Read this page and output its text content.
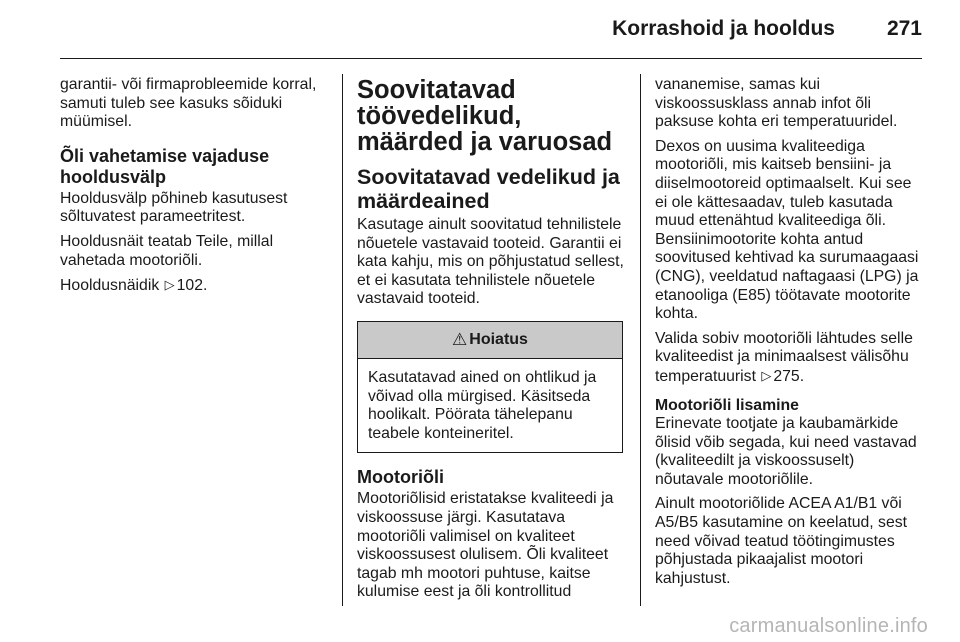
Korrashoid ja hooldus 271

garantii- või firmaprobleemide korral, samuti tuleb see kasuks sõiduki müümisel.

Õli vahetamise vajaduse hooldusvälp

Hooldusvälp põhineb kasutusest sõltuvatest parameetritest.

Hooldusnäit teatab Teile, millal vahetada mootoriõli.

Hooldusnäidik ▷ 102.

Soovitatavad töövedelikud, määrded ja varuosad
Soovitatavad vedelikud ja määrdeained

Kasutage ainult soovitatud tehnilistele nõuetele vastavaid tooteid. Garantii ei kata kahju, mis on põhjustatud sellest, et ei kasutata tehnilistele nõuetele vastavaid tooteid.

⚠ Hoiatus
Kasutatavad ained on ohtlikud ja võivad olla mürgised. Käsitseda hoolikalt. Pöörata tähelepanu teabele konteineritel.
Mootoriõli

Mootoriõlisid eristatakse kvaliteedi ja viskoossuse järgi. Kasutatava mootoriõli valimisel on kvaliteet viskoossusest olulisem. Õli kvaliteet tagab mh mootori puhtuse, kaitse kulumise eest ja õli kontrollitud

vananemise, samas kui viskoossusklass annab infot õli paksuse kohta eri temperatuuridel.

Dexos on uusima kvaliteediga mootoriõli, mis kaitseb bensiini- ja diiselmootoreid optimaalselt. Kui see ei ole kättesaadav, tuleb kasutada muud ettenähtud kvaliteediga õli. Bensiinimootorite kohta antud soovitused kehtivad ka surumaagaasi (CNG), veeldatud naftagaasi (LPG) ja etanooliga (E85) töötavate mootorite kohta.

Valida sobiv mootoriõli lähtudes selle kvaliteedist ja minimaalsest välisõhu temperatuurist ▷ 275.

Mootoriõli lisamine

Erinevate tootjate ja kaubamärkide õlisid võib segada, kui need vastavad (kvaliteedilt ja viskoossuselt) nõutavale mootoriõlile.

Ainult mootoriõlide ACEA A1/B1 või A5/B5 kasutamine on keelatud, sest need võivad teatud töötingimustes põhjustada pikaajalist mootori kahjustust.

carmanualsonline.info
